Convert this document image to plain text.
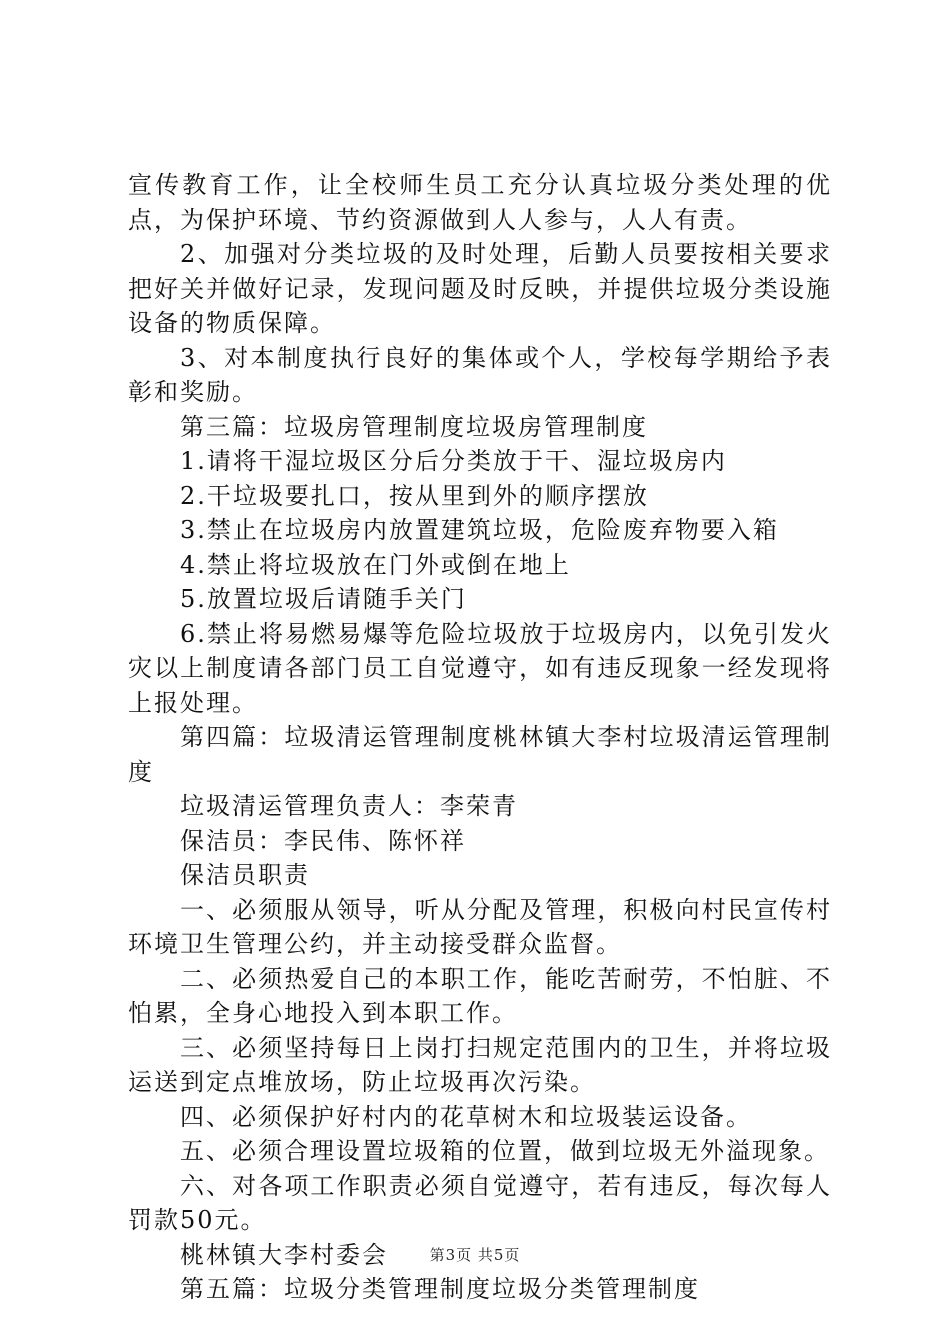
宣传教育工作，让全校师生员工充分认真垃圾分类处理的优点，为保护环境、节约资源做到人人参与，人人有责。

2、加强对分类垃圾的及时处理，后勤人员要按相关要求把好关并做好记录，发现问题及时反映，并提供垃圾分类设施设备的物质保障。

3、对本制度执行良好的集体或个人，学校每学期给予表彰和奖励。

第三篇：垃圾房管理制度垃圾房管理制度

1.请将干湿垃圾区分后分类放于干、湿垃圾房内

2.干垃圾要扎口，按从里到外的顺序摆放

3.禁止在垃圾房内放置建筑垃圾，危险废弃物要入箱

4.禁止将垃圾放在门外或倒在地上

5.放置垃圾后请随手关门

6.禁止将易燃易爆等危险垃圾放于垃圾房内，以免引发火灾以上制度请各部门员工自觉遵守，如有违反现象一经发现将上报处理。

第四篇：垃圾清运管理制度桃林镇大李村垃圾清运管理制度

垃圾清运管理负责人：李荣青

保洁员：李民伟、陈怀祥

保洁员职责

一、必须服从领导，听从分配及管理，积极向村民宣传村环境卫生管理公约，并主动接受群众监督。

二、必须热爱自己的本职工作，能吃苦耐劳，不怕脏、不怕累，全身心地投入到本职工作。

三、必须坚持每日上岗打扫规定范围内的卫生，并将垃圾运送到定点堆放场，防止垃圾再次污染。

四、必须保护好村内的花草树木和垃圾装运设备。

五、必须合理设置垃圾箱的位置，做到垃圾无外溢现象。

六、对各项工作职责必须自觉遵守，若有违反，每次每人罚款50元。

桃林镇大李村委会

第五篇：垃圾分类管理制度垃圾分类管理制度

第3页 共5页
